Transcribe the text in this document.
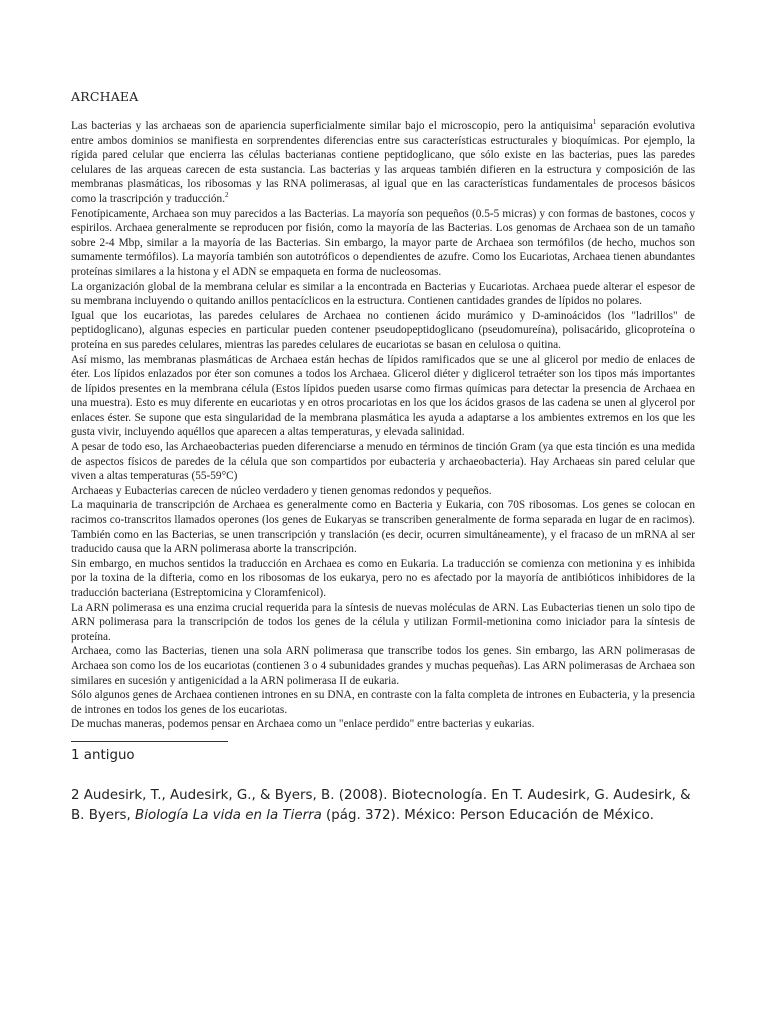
ARCHAEA

Las bacterias y las archaeas son de apariencia superficialmente similar bajo el microscopio, pero la antiquisima$^1$ separación evolutiva entre ambos dominios se manifiesta en sorprendentes diferencias entre sus características estructurales y bioquímicas. Por ejemplo, la rígida pared celular que encierra las células bacterianas contiene peptidoglicano, que sólo existe en las bacterias, pues las paredes celulares de las arqueas carecen de esta sustancia. Las bacterias y las arqueas también difieren en la estructura y composición de las membranas plasmáticas, los ribosomas y las RNA polimerasas, al igual que en las características fundamentales de procesos básicos como la trascripción y traducción.$^2$

Fenotípicamente, Archaea son muy parecidos a las Bacterias. La mayoría son pequeños (0.5-5 micras) y con formas de bastones, cocos y espirilos. Archaea generalmente se reproducen por fisión, como la mayoría de las Bacterias. Los genomas de Archaea son de un tamaño sobre 2-4 Mbp, similar a la mayoría de las Bacterias. Sin embargo, la mayor parte de Archaea son termófilos (de hecho, muchos son sumamente termófilos). La mayoría también son autotróficos o dependientes de azufre. Como los Eucariotas, Archaea tienen abundantes proteínas similares a la histona y el ADN se empaqueta en forma de nucleosomas.

La organización global de la membrana celular es similar a la encontrada en Bacterias y Eucariotas. Archaea puede alterar el espesor de su membrana incluyendo o quitando anillos pentacíclicos en la estructura. Contienen cantidades grandes de lípidos no polares.

Igual que los eucariotas, las paredes celulares de Archaea no contienen ácido murámico y D-aminoácidos (los "ladrillos" de peptidoglicano), algunas especies en particular pueden contener pseudopeptidoglicano (pseudomureína), polisacárido, glicoproteína o proteína en sus paredes celulares, mientras las paredes celulares de eucariotas se basan en celulosa o quitina.

Así mismo, las membranas plasmáticas de Archaea están hechas de lípidos ramificados que se une al glicerol por medio de enlaces de éter. Los lípidos enlazados por éter son comunes a todos los Archaea. Glicerol diéter y diglicerol tetraéter son los tipos más importantes de lípidos presentes en la membrana célula (Estos lípidos pueden usarse como firmas químicas para detectar la presencia de Archaea en una muestra). Esto es muy diferente en eucariotas y en otros procariotas en los que los ácidos grasos de las cadena se unen al glycerol por enlaces éster. Se supone que esta singularidad de la membrana plasmática les ayuda a adaptarse a los ambientes extremos en los que les gusta vivir, incluyendo aquéllos que aparecen a altas temperaturas, y elevada salinidad.

A pesar de todo eso, las Archaeobacterias pueden diferenciarse a menudo en términos de tinción Gram (ya que esta tinción es una medida de aspectos físicos de paredes de la célula que son compartidos por eubacteria y archaeobacteria). Hay Archaeas sin pared celular que viven a altas temperaturas (55-59°C)

Archaeas y Eubacterias carecen de núcleo verdadero y tienen genomas redondos y pequeños.

La maquinaria de transcripción de Archaea es generalmente como en Bacteria y Eukaria, con 70S ribosomas. Los genes se colocan en racimos co-transcritos llamados operones (los genes de Eukaryas se transcriben generalmente de forma separada en lugar de en racimos). También como en las Bacterias, se unen transcripción y translación (es decir, ocurren simultáneamente), y el fracaso de un mRNA al ser traducido causa que la ARN polimerasa aborte la transcripción.

Sin embargo, en muchos sentidos la traducción en Archaea es como en Eukaria. La traducción se comienza con metionina y es inhibida por la toxina de la difteria, como en los ribosomas de los eukarya, pero no es afectado por la mayoría de antibióticos inhibidores de la traducción bacteriana (Estreptomicina y Cloramfenicol).

La ARN polimerasa es una enzima crucial requerida para la síntesis de nuevas moléculas de ARN. Las Eubacterias tienen un solo tipo de ARN polimerasa para la transcripción de todos los genes de la célula y utilizan Formil-metionina como iniciador para la síntesis de proteína.

Archaea, como las Bacterias, tienen una sola ARN polimerasa que transcribe todos los genes. Sin embargo, las ARN polimerasas de Archaea son como los de los eucariotas (contienen 3 o 4 subunidades grandes y muchas pequeñas). Las ARN polimerasas de Archaea son similares en sucesión y antigenicidad a la ARN polimerasa II de eukaria.

Sólo algunos genes de Archaea contienen intrones en su DNA, en contraste con la falta completa de intrones en Eubacteria, y la presencia de intrones en todos los genes de los eucariotas.

De muchas maneras, podemos pensar en Archaea como un "enlace perdido" entre bacterias y eukarias.

1 antiguo
2 Audesirk, T., Audesirk, G., & Byers, B. (2008). Biotecnología. En T. Audesirk, G. Audesirk, & B. Byers, Biología La vida en la Tierra (pág. 372). México: Person Educación de México.
